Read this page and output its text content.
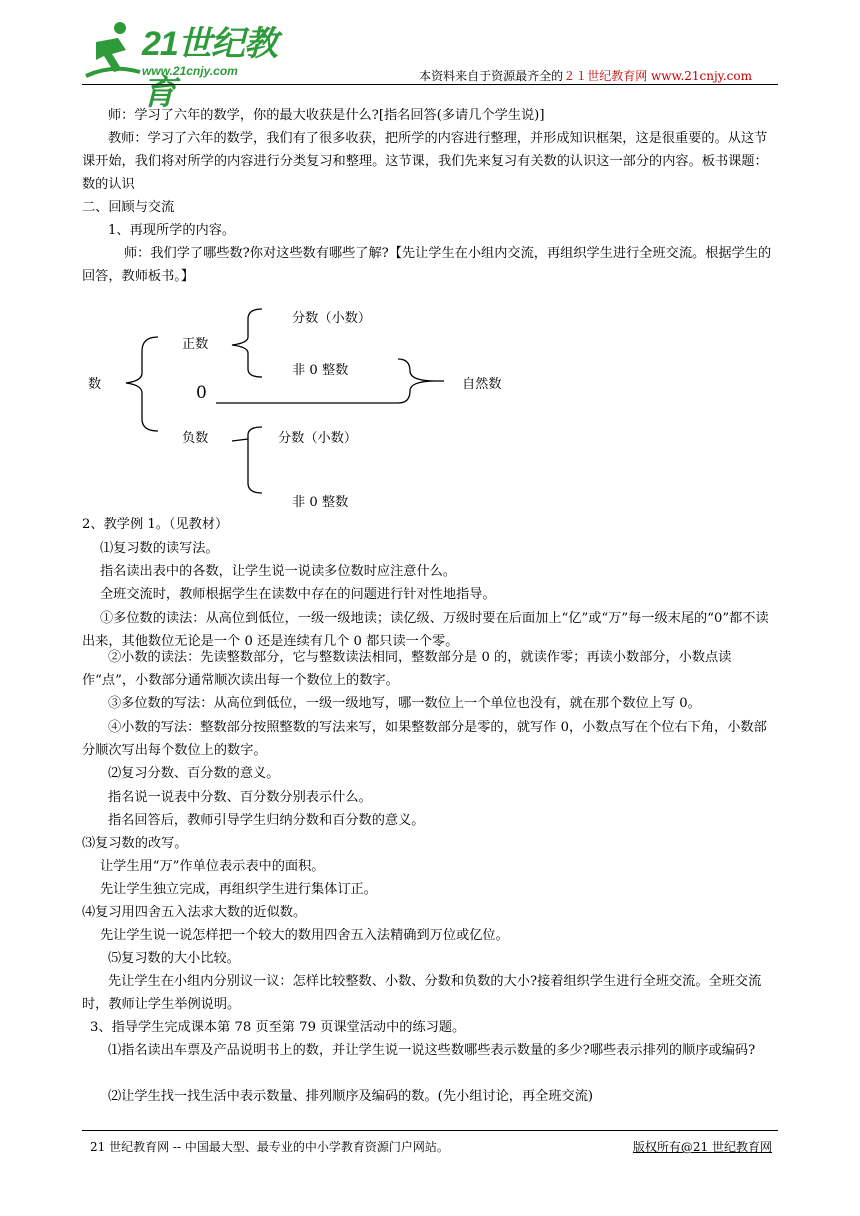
21世纪教育
www.21cnjy.com	本资料来自于资源最齐全的２１世纪教育网 www.21cnjy.com

师：学习了六年的数学，你的最大收获是什么?[指名回答(多请几个学生说)]

教师：学习了六年的数学，我们有了很多收获，把所学的内容进行整理，并形成知识框架，这是很重要的。从这节课开始，我们将对所学的内容进行分类复习和整理。这节课，我们先来复习有关数的认识这一部分的内容。板书课题：数的认识

二、回顾与交流

1、再现所学的内容。

师：我们学了哪些数?你对这些数有哪些了解?【先让学生在小组内交流，再组织学生进行全班交流。根据学生的回答，教师板书。】

数
正数
0
负数
分数（小数）
非 0 整数
自然数
分数（小数）
非 0 整数

2、教学例 1。（见教材）

⑴复习数的读写法。

指名读出表中的各数，让学生说一说读多位数时应注意什么。

全班交流时，教师根据学生在读数中存在的问题进行针对性地指导。

①多位数的读法：从高位到低位，一级一级地读；读亿级、万级时要在后面加上“亿”或“万”每一级末尾的“0”都不读出来，其他数位无论是一个 0 还是连续有几个 0 都只读一个零。

②小数的读法：先读整数部分，它与整数读法相同，整数部分是 0 的，就读作零；再读小数部分，小数点读作“点”，小数部分通常顺次读出每一个数位上的数字。

③多位数的写法：从高位到低位，一级一级地写，哪一数位上一个单位也没有，就在那个数位上写 0。

④小数的写法：整数部分按照整数的写法来写，如果整数部分是零的，就写作 0，小数点写在个位右下角，小数部分顺次写出每个数位上的数字。

⑵复习分数、百分数的意义。

指名说一说表中分数、百分数分别表示什么。

指名回答后，教师引导学生归纳分数和百分数的意义。

⑶复习数的改写。

让学生用“万”作单位表示表中的面积。

先让学生独立完成，再组织学生进行集体订正。

⑷复习用四舍五入法求大数的近似数。

先让学生说一说怎样把一个较大的数用四舍五入法精确到万位或亿位。

⑸复习数的大小比较。

先让学生在小组内分别议一议：怎样比较整数、小数、分数和负数的大小?接着组织学生进行全班交流。全班交流时，教师让学生举例说明。

3、指导学生完成课本第 78 页至第 79 页课堂活动中的练习题。

⑴指名读出车票及产品说明书上的数，并让学生说一说这些数哪些表示数量的多少?哪些表示排列的顺序或编码?

⑵让学生找一找生活中表示数量、排列顺序及编码的数。(先小组讨论，再全班交流)

21 世纪教育网 -- 中国最大型、最专业的中小学教育资源门户网站。	版权所有@21 世纪教育网
